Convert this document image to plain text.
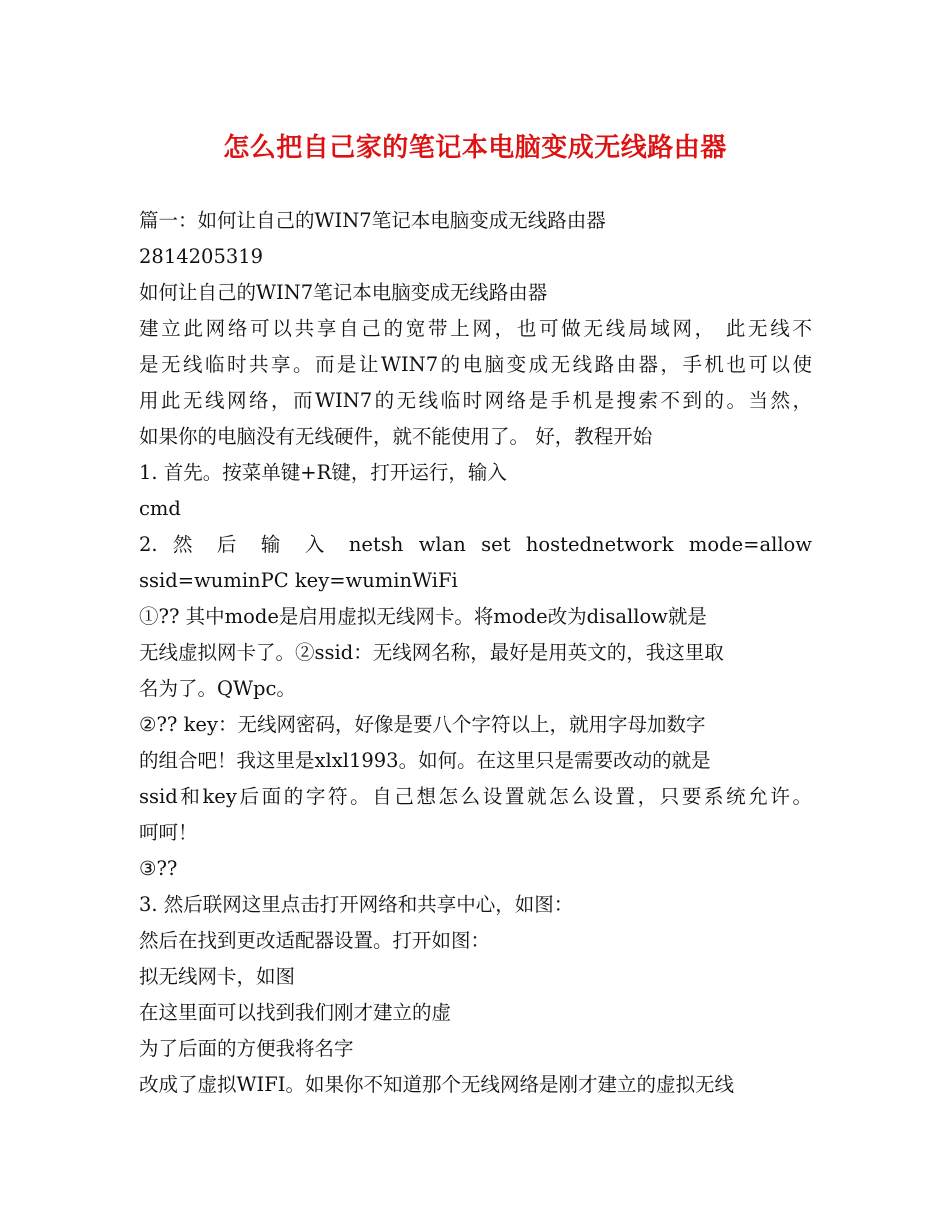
怎么把自己家的笔记本电脑变成无线路由器
篇一：如何让自己的WIN7笔记本电脑变成无线路由器
2814205319
如何让自己的WIN7笔记本电脑变成无线路由器
建立此网络可以共享自己的宽带上网，也可做无线局域网， 此无线不
是无线临时共享。而是让WIN7的电脑变成无线路由器，手机也可以使
用此无线网络，而WIN7的无线临时网络是手机是搜索不到的。当然，
如果你的电脑没有无线硬件，就不能使用了。 好，教程开始
1. 首先。按菜单键+R键，打开运行，输入
cmd
2. 然 后 输 入 netsh wlan set hostednetwork mode=allow
ssid=wuminPC key=wuminWiFi
①?? 其中mode是启用虚拟无线网卡。将mode改为disallow就是
无线虚拟网卡了。②ssid：无线网名称，最好是用英文的，我这里取
名为了。QWpc。
②?? key：无线网密码，好像是要八个字符以上，就用字母加数字
的组合吧！我这里是xlxl1993。如何。在这里只是需要改动的就是
ssid和key后面的字符。自己想怎么设置就怎么设置，只要系统允许。
呵呵！
③??
3. 然后联网这里点击打开网络和共享中心，如图：
然后在找到更改适配器设置。打开如图：
拟无线网卡，如图
在这里面可以找到我们刚才建立的虚
为了后面的方便我将名字
改成了虚拟WIFI。如果你不知道那个无线网络是刚才建立的虚拟无线
